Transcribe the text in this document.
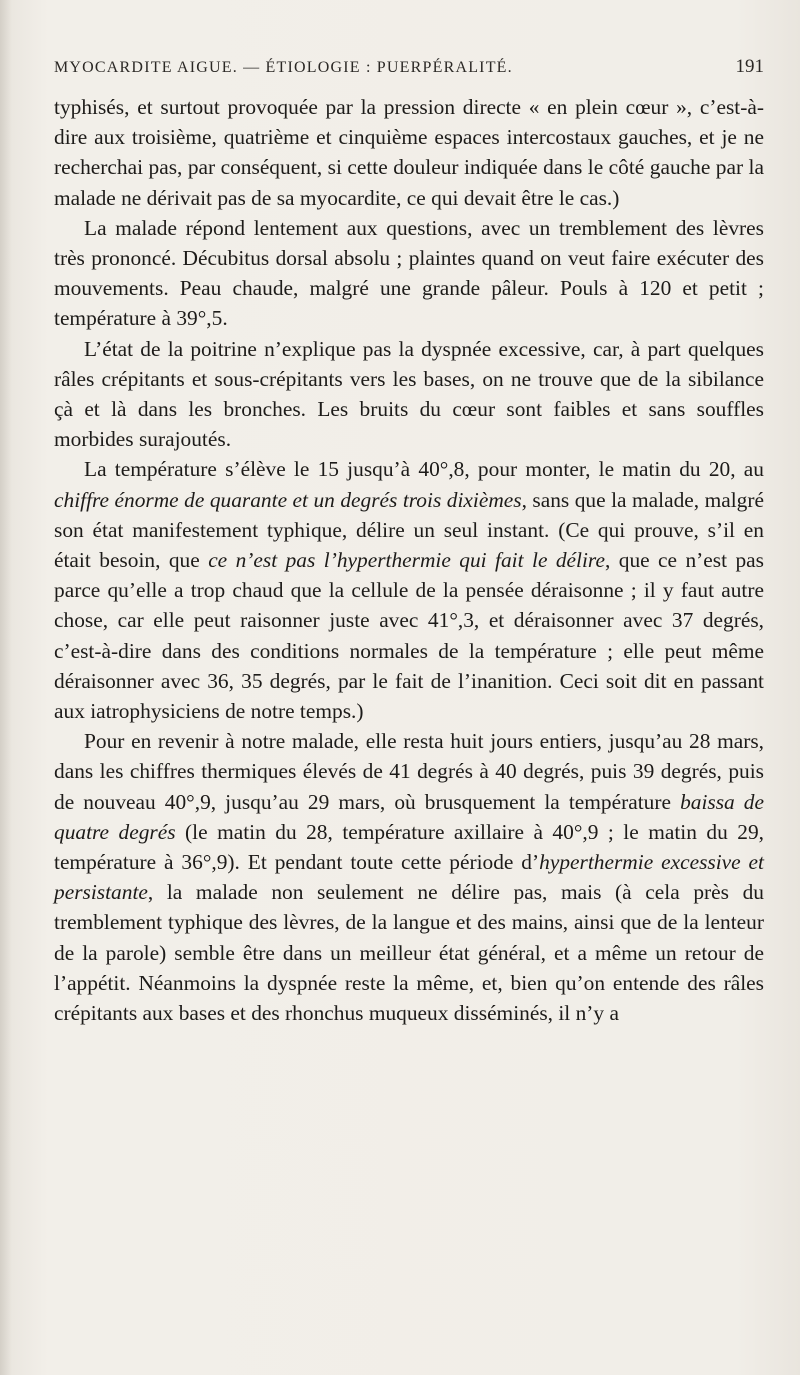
MYOCARDITE AIGUE. — ÉTIOLOGIE : PUERPÉRALITÉ.	191

typhisés, et surtout provoquée par la pression directe « en plein cœur », c’est-à-dire aux troisième, quatrième et cinquième espaces intercostaux gauches, et je ne recherchai pas, par conséquent, si cette douleur indiquée dans le côté gauche par la malade ne dérivait pas de sa myocardite, ce qui devait être le cas.)

La malade répond lentement aux questions, avec un tremblement des lèvres très prononcé. Décubitus dorsal absolu ; plaintes quand on veut faire exécuter des mouvements. Peau chaude, malgré une grande pâleur. Pouls à 120 et petit ; température à 39°,5.

L’état de la poitrine n’explique pas la dyspnée excessive, car, à part quelques râles crépitants et sous-crépitants vers les bases, on ne trouve que de la sibilance çà et là dans les bronches. Les bruits du cœur sont faibles et sans souffles morbides surajoutés.

La température s’élève le 15 jusqu’à 40°,8, pour monter, le matin du 20, au chiffre énorme de quarante et un degrés trois dixièmes, sans que la malade, malgré son état manifestement typhique, délire un seul instant. (Ce qui prouve, s’il en était besoin, que ce n’est pas l’hyperthermie qui fait le délire, que ce n’est pas parce qu’elle a trop chaud que la cellule de la pensée déraisonne ; il y faut autre chose, car elle peut raisonner juste avec 41°,3, et déraisonner avec 37 degrés, c’est-à-dire dans des conditions normales de la température ; elle peut même déraisonner avec 36, 35 degrés, par le fait de l’inanition. Ceci soit dit en passant aux iatrophysiciens de notre temps.)

Pour en revenir à notre malade, elle resta huit jours entiers, jusqu’au 28 mars, dans les chiffres thermiques élevés de 41 degrés à 40 degrés, puis 39 degrés, puis de nouveau 40°,9, jusqu’au 29 mars, où brusquement la température baissa de quatre degrés (le matin du 28, température axillaire à 40°,9 ; le matin du 29, température à 36°,9). Et pendant toute cette période d’hyperthermie excessive et persistante, la malade non seulement ne délire pas, mais (à cela près du tremblement typhique des lèvres, de la langue et des mains, ainsi que de la lenteur de la parole) semble être dans un meilleur état général, et a même un retour de l’appétit. Néanmoins la dyspnée reste la même, et, bien qu’on entende des râles crépitants aux bases et des rhonchus muqueux disséminés, il n’y a
